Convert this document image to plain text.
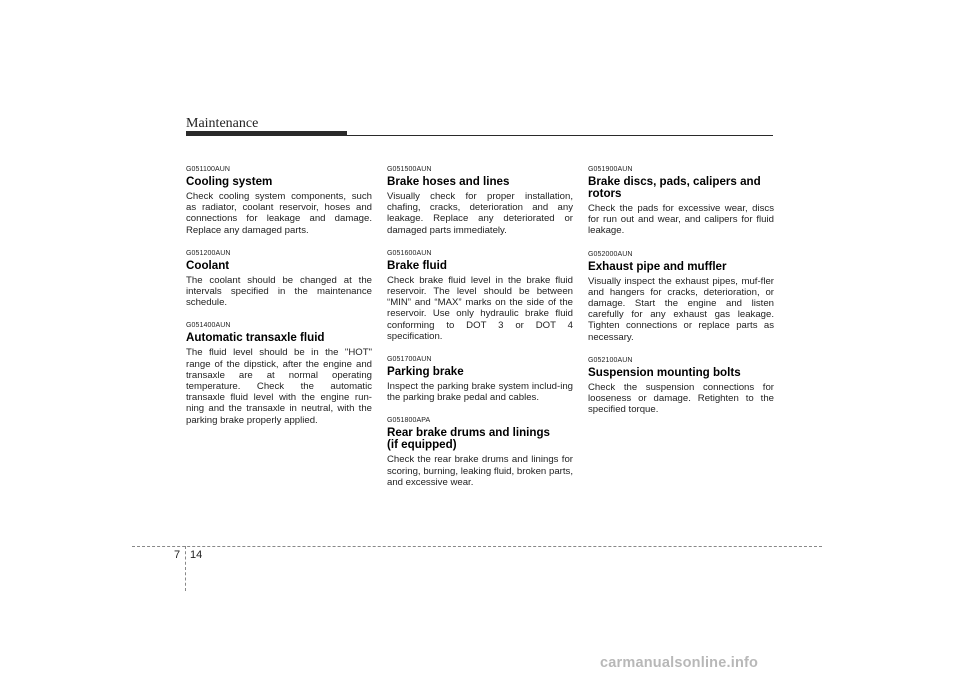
Maintenance
G051100AUN
Cooling system
Check cooling system components, such as radiator, coolant reservoir, hoses and connections for leakage and damage. Replace any damaged parts.
G051200AUN
Coolant
The coolant should be changed at the intervals specified in the maintenance schedule.
G051400AUN
Automatic transaxle fluid
The fluid level should be in the "HOT" range of the dipstick, after the engine and transaxle are at normal operating temperature. Check the automatic transaxle fluid level with the engine run-ning and the transaxle in neutral, with the parking brake properly applied.
G051500AUN
Brake hoses and lines
Visually check for proper installation, chafing, cracks, deterioration and any leakage. Replace any deteriorated or damaged parts immediately.
G051600AUN
Brake fluid
Check brake fluid level in the brake fluid reservoir. The level should be between “MIN” and “MAX” marks on the side of the reservoir. Use only hydraulic brake fluid conforming to DOT 3 or DOT 4 specification.
G051700AUN
Parking brake
Inspect the parking brake system includ-ing the parking brake pedal and cables.
G051800APA
Rear brake drums and linings
(if equipped)
Check the rear brake drums and linings for scoring, burning, leaking fluid, broken parts, and excessive wear.
G051900AUN
Brake discs, pads, calipers and
rotors
Check the pads for excessive wear, discs for run out and wear, and calipers for fluid leakage.
G052000AUN
Exhaust pipe and muffler
Visually inspect the exhaust pipes, muf-fler and hangers for cracks, deterioration, or damage. Start the engine and listen carefully for any exhaust gas leakage. Tighten connections or replace parts as necessary.
G052100AUN
Suspension mounting bolts
Check the suspension connections for looseness or damage. Retighten to the specified torque.
7 14
carmanualsonline.info
